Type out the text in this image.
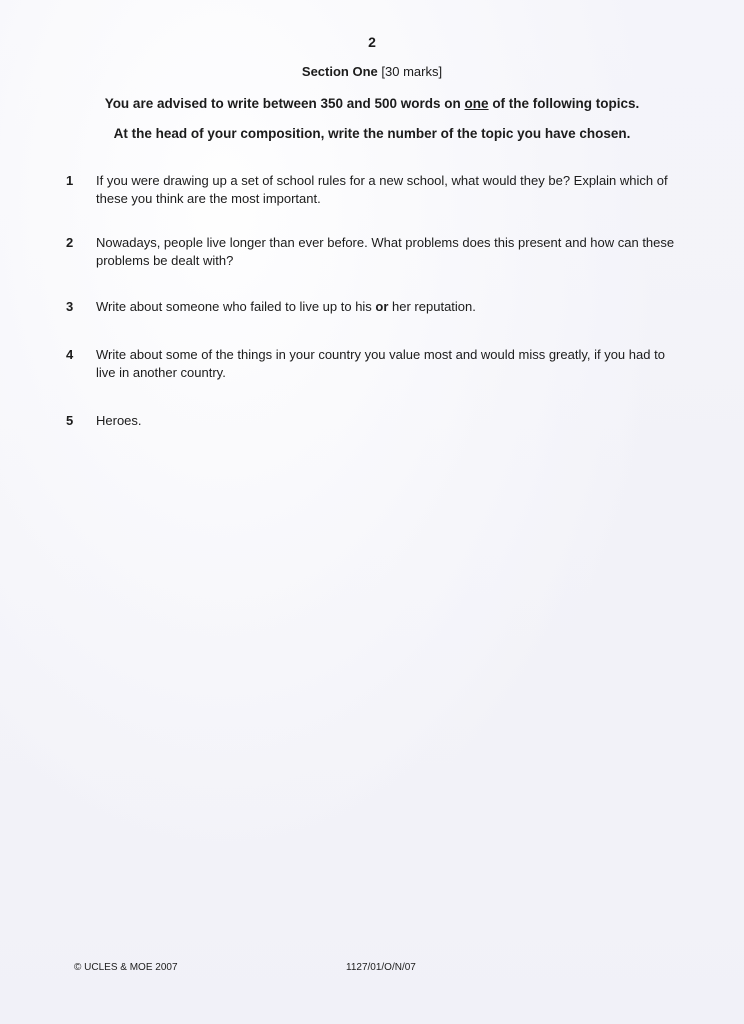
2
Section One [30 marks]
You are advised to write between 350 and 500 words on one of the following topics.
At the head of your composition, write the number of the topic you have chosen.
1	If you were drawing up a set of school rules for a new school, what would they be? Explain which of these you think are the most important.
2	Nowadays, people live longer than ever before. What problems does this present and how can these problems be dealt with?
3	Write about someone who failed to live up to his or her reputation.
4	Write about some of the things in your country you value most and would miss greatly, if you had to live in another country.
5	Heroes.
© UCLES & MOE 2007	1127/01/O/N/07
